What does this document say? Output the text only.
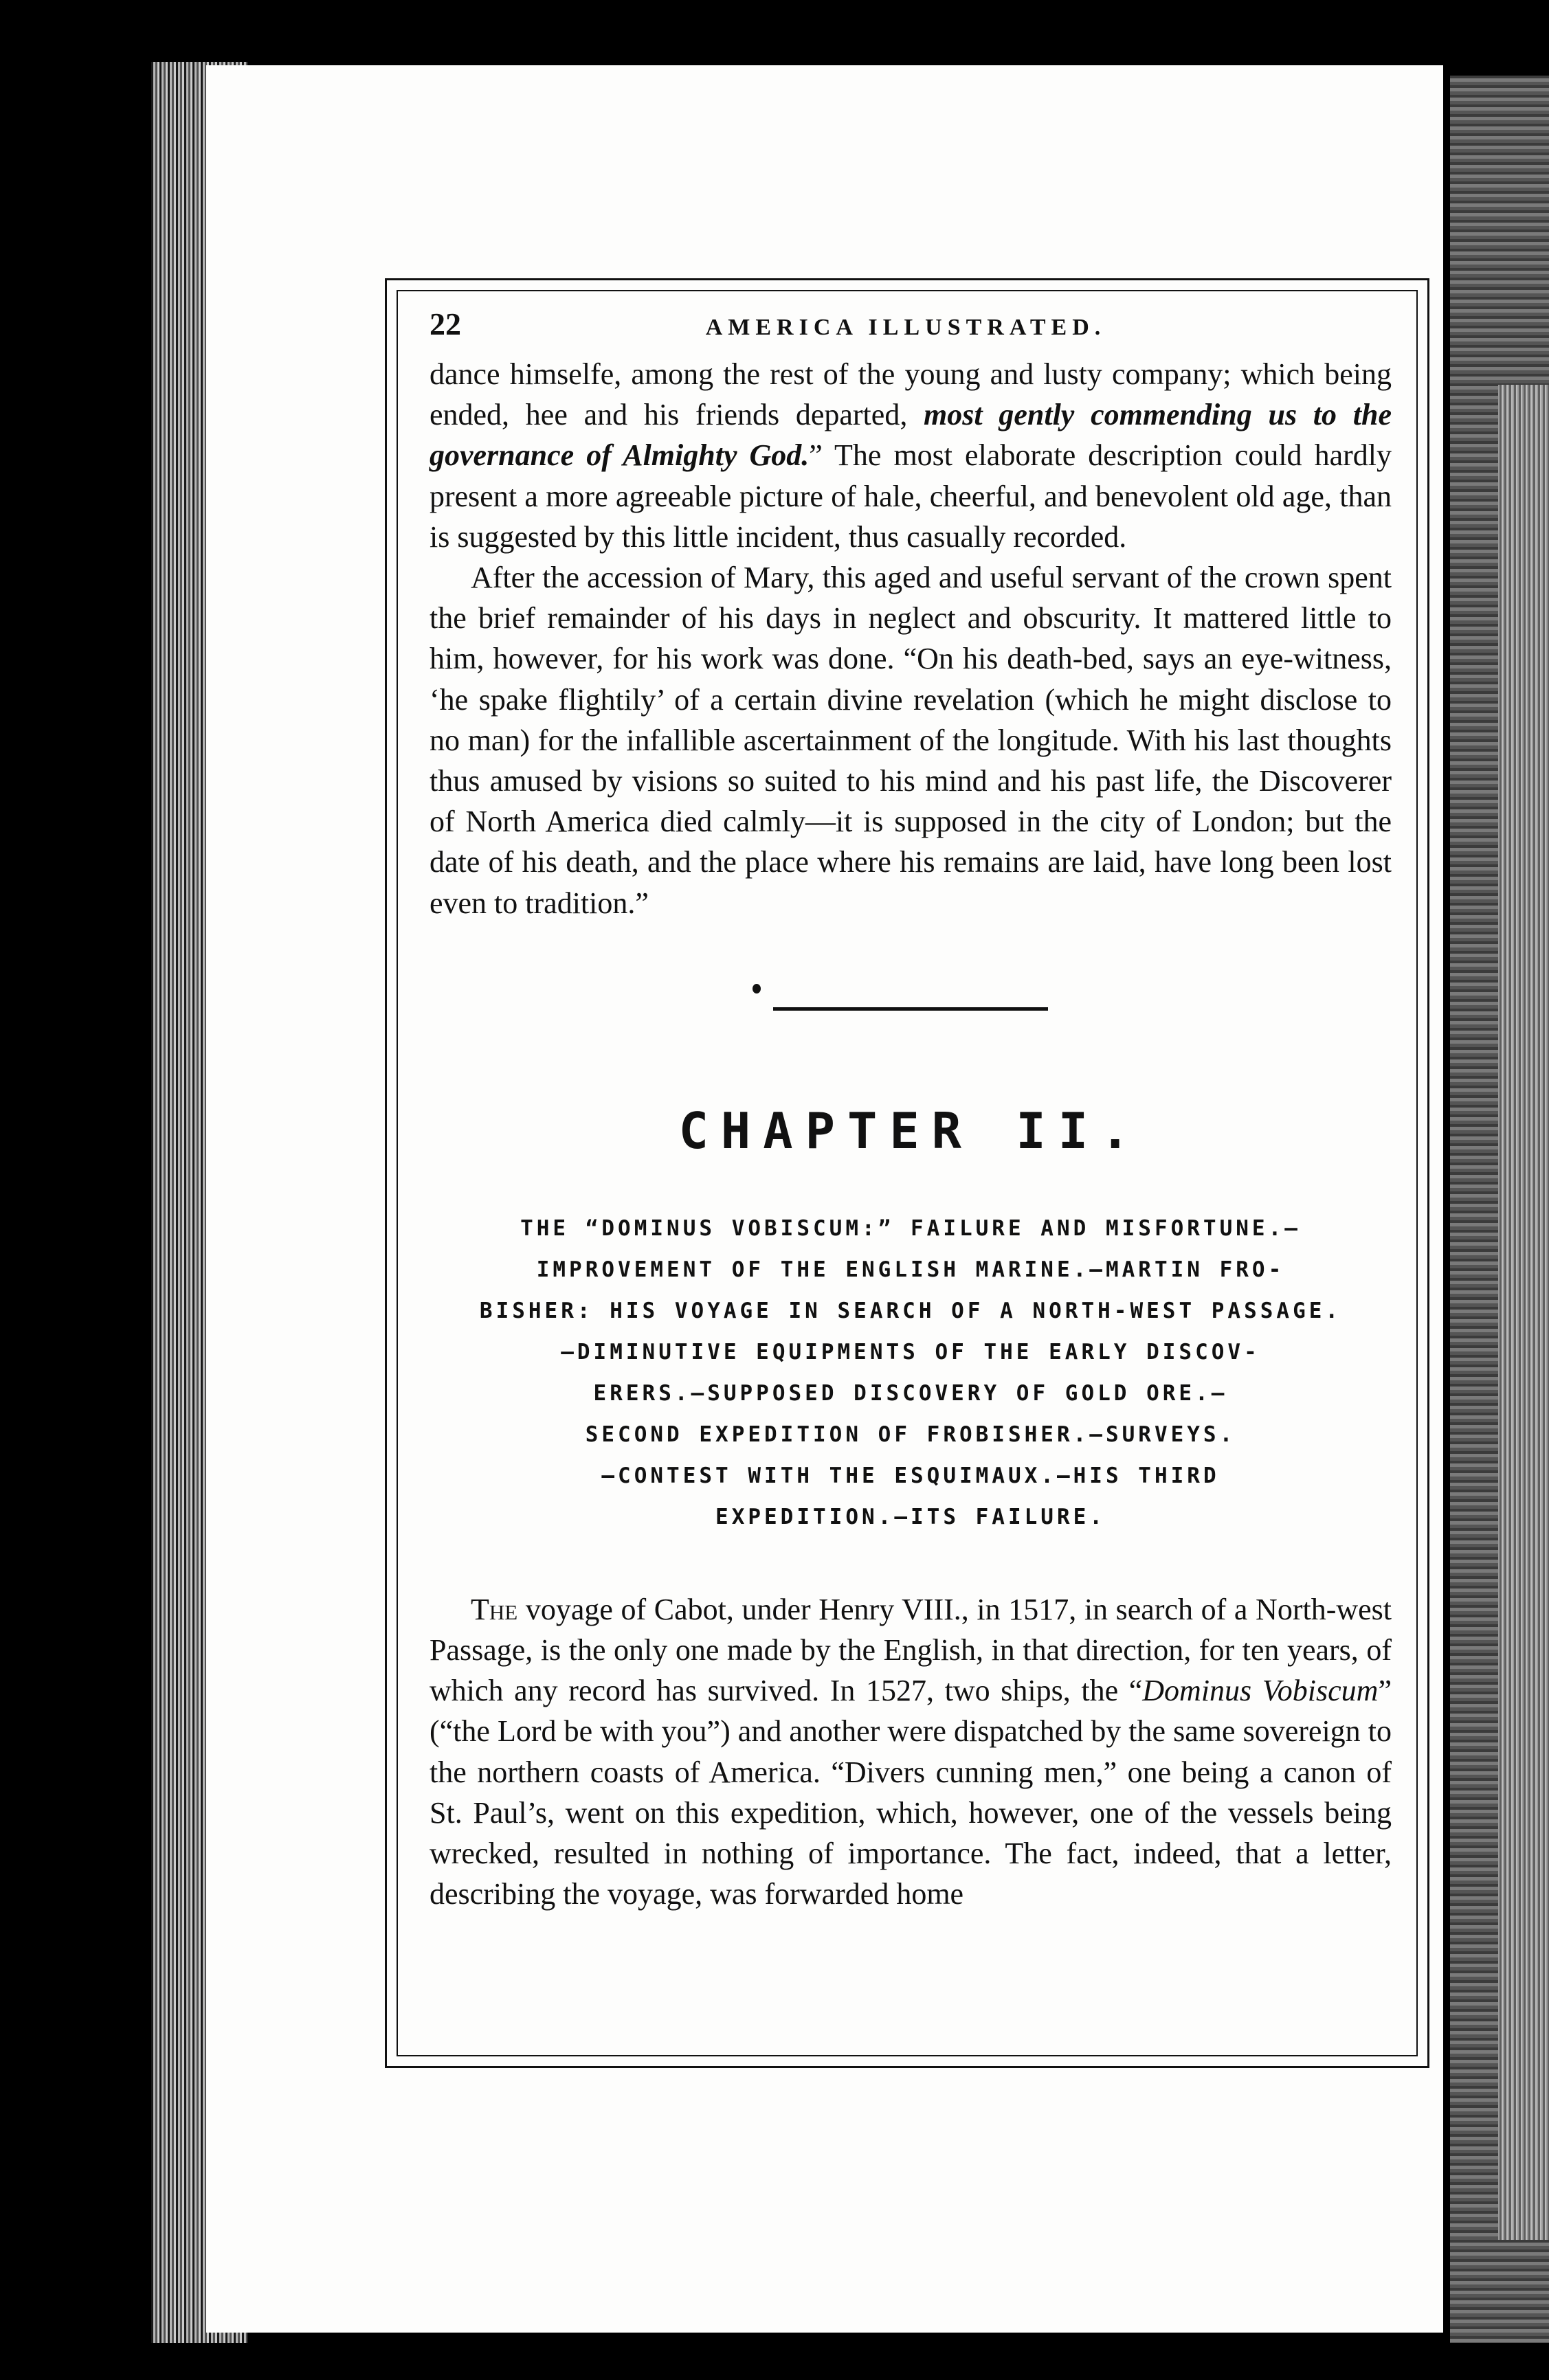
22	AMERICA ILLUSTRATED.

dance himselfe, among the rest of the young and lusty company; which being ended, hee and his friends departed, most gently commending us to the governance of Almighty God.” The most elaborate description could hardly present a more agreeable picture of hale, cheerful, and benevolent old age, than is suggested by this little incident, thus casually recorded.

After the accession of Mary, this aged and useful servant of the crown spent the brief remainder of his days in neglect and obscurity. It mattered little to him, however, for his work was done. “On his death-bed, says an eye-witness, ‘he spake flightily’ of a certain divine revelation (which he might disclose to no man) for the infallible ascertainment of the longitude. With his last thoughts thus amused by visions so suited to his mind and his past life, the Discoverer of North America died calmly—it is supposed in the city of London; but the date of his death, and the place where his remains are laid, have long been lost even to tradition.”

CHAPTER II.
THE “DOMINUS VOBISCUM:” FAILURE AND MISFORTUNE.—
IMPROVEMENT OF THE ENGLISH MARINE.—MARTIN FRO-
BISHER: HIS VOYAGE IN SEARCH OF A NORTH-WEST PASSAGE.
—DIMINUTIVE EQUIPMENTS OF THE EARLY DISCOV-
ERERS.—SUPPOSED DISCOVERY OF GOLD ORE.—
SECOND EXPEDITION OF FROBISHER.—SURVEYS.
—CONTEST WITH THE ESQUIMAUX.—HIS THIRD
EXPEDITION.—ITS FAILURE.

The voyage of Cabot, under Henry VIII., in 1517, in search of a North-west Passage, is the only one made by the English, in that direction, for ten years, of which any record has survived. In 1527, two ships, the “Dominus Vobiscum” (“the Lord be with you”) and another were dispatched by the same sovereign to the northern coasts of America. “Divers cunning men,” one being a canon of St. Paul’s, went on this expedition, which, however, one of the vessels being wrecked, resulted in nothing of importance. The fact, indeed, that a letter, describing the voyage, was forwarded home
